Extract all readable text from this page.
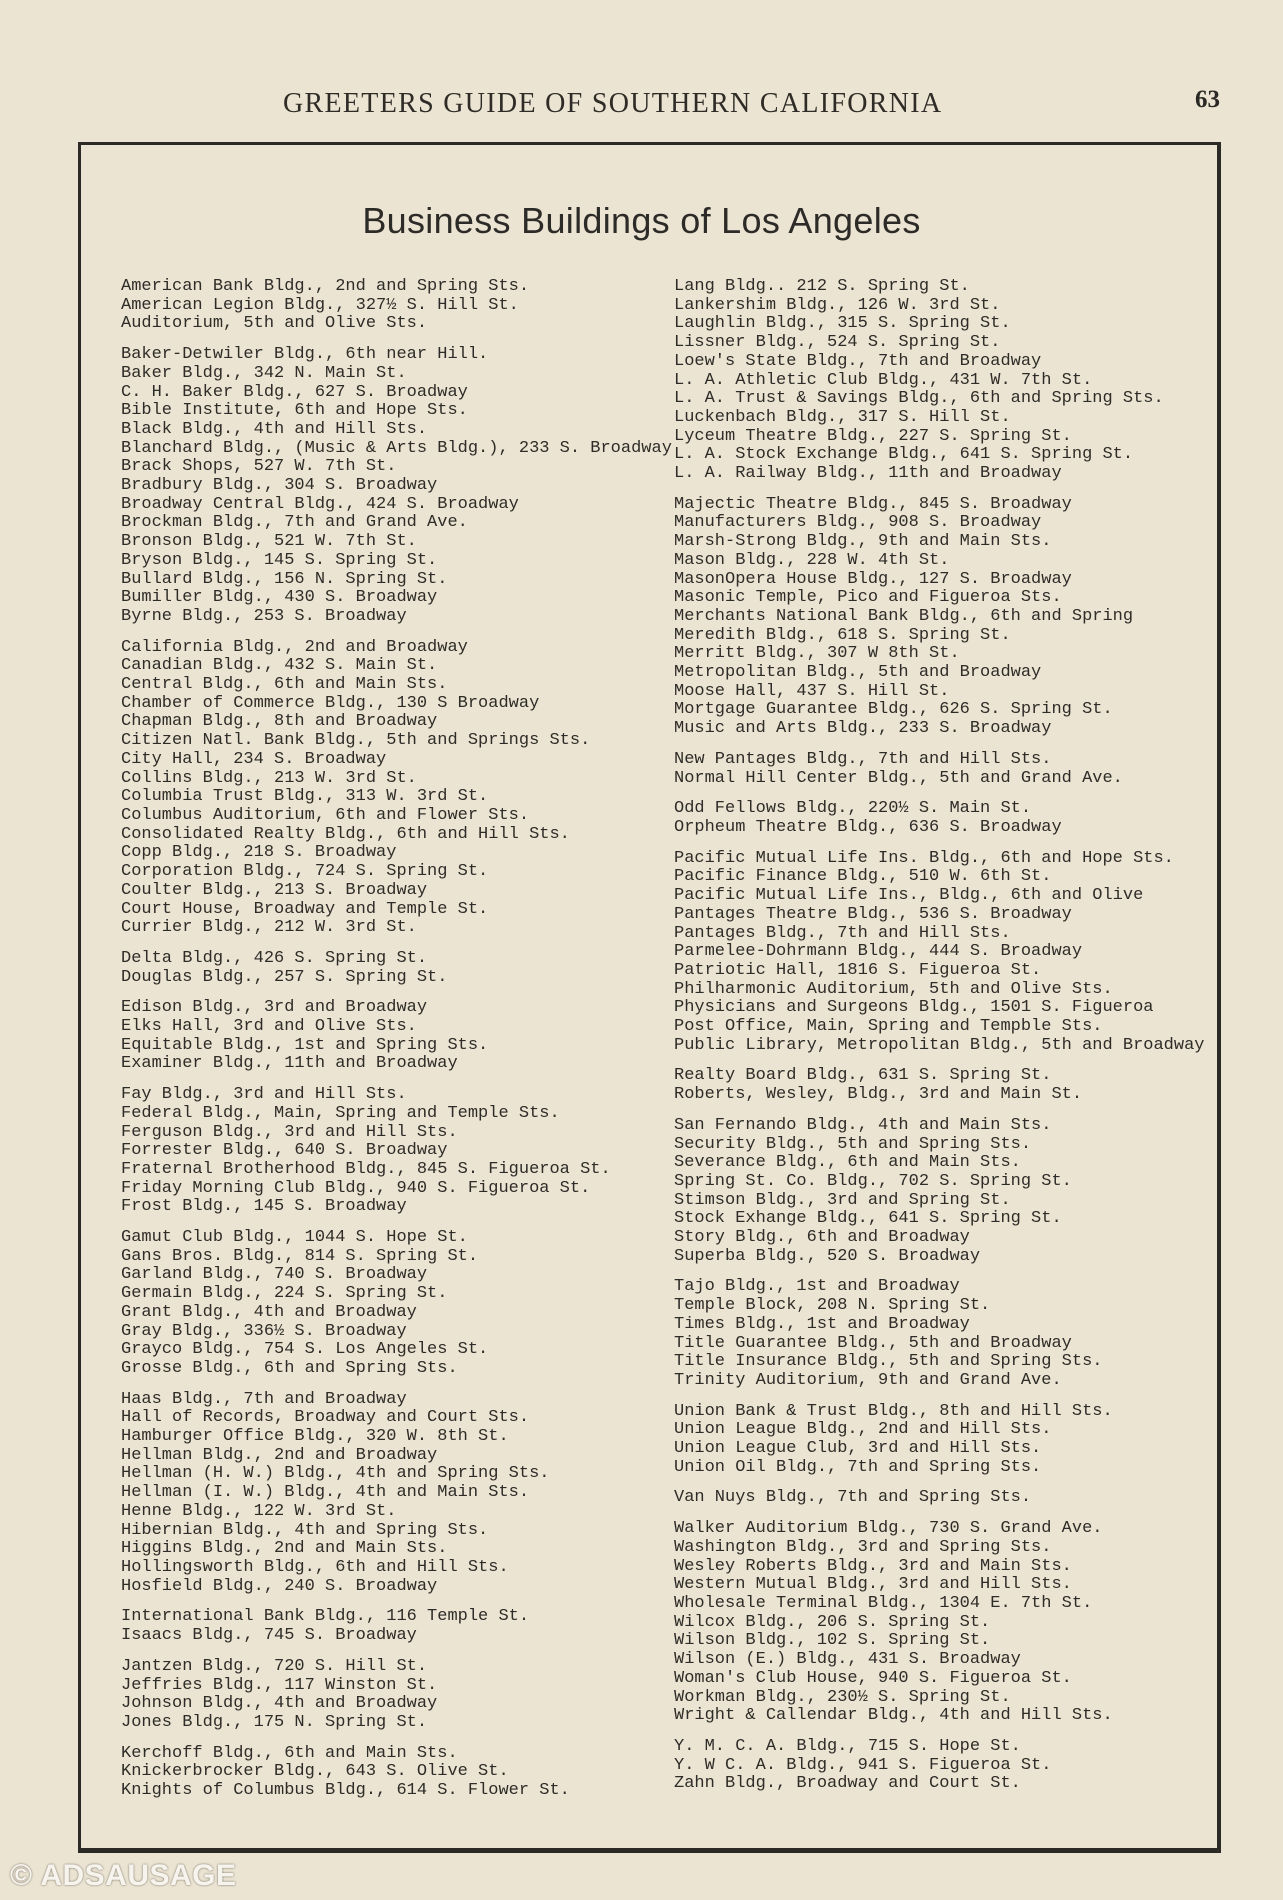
GREETERS GUIDE OF SOUTHERN CALIFORNIA	63
Business Buildings of Los Angeles
American Bank Bldg., 2nd and Spring Sts.
American Legion Bldg., 327½ S. Hill St.
Auditorium, 5th and Olive Sts.
Baker-Detwiler Bldg., 6th near Hill.
Baker Bldg., 342 N. Main St.
C. H. Baker Bldg., 627 S. Broadway
Bible Institute, 6th and Hope Sts.
Black Bldg., 4th and Hill Sts.
Blanchard Bldg., (Music & Arts Bldg.), 233 S. Broadway
Brack Shops, 527 W. 7th St.
Bradbury Bldg., 304 S. Broadway
Broadway Central Bldg., 424 S. Broadway
Brockman Bldg., 7th and Grand Ave.
Bronson Bldg., 521 W. 7th St.
Bryson Bldg., 145 S. Spring St.
Bullard Bldg., 156 N. Spring St.
Bumiller Bldg., 430 S. Broadway
Byrne Bldg., 253 S. Broadway
California Bldg., 2nd and Broadway
Canadian Bldg., 432 S. Main St.
Central Bldg., 6th and Main Sts.
Chamber of Commerce Bldg., 130 S Broadway
Chapman Bldg., 8th and Broadway
Citizen Natl. Bank Bldg., 5th and Springs Sts.
City Hall, 234 S. Broadway
Collins Bldg., 213 W. 3rd St.
Columbia Trust Bldg., 313 W. 3rd St.
Columbus Auditorium, 6th and Flower Sts.
Consolidated Realty Bldg., 6th and Hill Sts.
Copp Bldg., 218 S. Broadway
Corporation Bldg., 724 S. Spring St.
Coulter Bldg., 213 S. Broadway
Court House, Broadway and Temple St.
Currier Bldg., 212 W. 3rd St.
Delta Bldg., 426 S. Spring St.
Douglas Bldg., 257 S. Spring St.
Edison Bldg., 3rd and Broadway
Elks Hall, 3rd and Olive Sts.
Equitable Bldg., 1st and Spring Sts.
Examiner Bldg., 11th and Broadway
Fay Bldg., 3rd and Hill Sts.
Federal Bldg., Main, Spring and Temple Sts.
Ferguson Bldg., 3rd and Hill Sts.
Forrester Bldg., 640 S. Broadway
Fraternal Brotherhood Bldg., 845 S. Figueroa St.
Friday Morning Club Bldg., 940 S. Figueroa St.
Frost Bldg., 145 S. Broadway
Gamut Club Bldg., 1044 S. Hope St.
Gans Bros. Bldg., 814 S. Spring St.
Garland Bldg., 740 S. Broadway
Germain Bldg., 224 S. Spring St.
Grant Bldg., 4th and Broadway
Gray Bldg., 336½ S. Broadway
Grayco Bldg., 754 S. Los Angeles St.
Grosse Bldg., 6th and Spring Sts.
Haas Bldg., 7th and Broadway
Hall of Records, Broadway and Court Sts.
Hamburger Office Bldg., 320 W. 8th St.
Hellman Bldg., 2nd and Broadway
Hellman (H. W.) Bldg., 4th and Spring Sts.
Hellman (I. W.) Bldg., 4th and Main Sts.
Henne Bldg., 122 W. 3rd St.
Hibernian Bldg., 4th and Spring Sts.
Higgins Bldg., 2nd and Main Sts.
Hollingsworth Bldg., 6th and Hill Sts.
Hosfield Bldg., 240 S. Broadway
International Bank Bldg., 116 Temple St.
Isaacs Bldg., 745 S. Broadway
Jantzen Bldg., 720 S. Hill St.
Jeffries Bldg., 117 Winston St.
Johnson Bldg., 4th and Broadway
Jones Bldg., 175 N. Spring St.
Kerchoff Bldg., 6th and Main Sts.
Knickerbrocker Bldg., 643 S. Olive St.
Knights of Columbus Bldg., 614 S. Flower St.
Lang Bldg.. 212 S. Spring St.
Lankershim Bldg., 126 W. 3rd St.
Laughlin Bldg., 315 S. Spring St.
Lissner Bldg., 524 S. Spring St.
Loew's State Bldg., 7th and Broadway
L. A. Athletic Club Bldg., 431 W. 7th St.
L. A. Trust & Savings Bldg., 6th and Spring Sts.
Luckenbach Bldg., 317 S. Hill St.
Lyceum Theatre Bldg., 227 S. Spring St.
L. A. Stock Exchange Bldg., 641 S. Spring St.
L. A. Railway Bldg., 11th and Broadway
Majectic Theatre Bldg., 845 S. Broadway
Manufacturers Bldg., 908 S. Broadway
Marsh-Strong Bldg., 9th and Main Sts.
Mason Bldg., 228 W. 4th St.
MasonOpera House Bldg., 127 S. Broadway
Masonic Temple, Pico and Figueroa Sts.
Merchants National Bank Bldg., 6th and Spring
Meredith Bldg., 618 S. Spring St.
Merritt Bldg., 307 W 8th St.
Metropolitan Bldg., 5th and Broadway
Moose Hall, 437 S. Hill St.
Mortgage Guarantee Bldg., 626 S. Spring St.
Music and Arts Bldg., 233 S. Broadway
New Pantages Bldg., 7th and Hill Sts.
Normal Hill Center Bldg., 5th and Grand Ave.
Odd Fellows Bldg., 220½ S. Main St.
Orpheum Theatre Bldg., 636 S. Broadway
Pacific Mutual Life Ins. Bldg., 6th and Hope Sts.
Pacific Finance Bldg., 510 W. 6th St.
Pacific Mutual Life Ins., Bldg., 6th and Olive
Pantages Theatre Bldg., 536 S. Broadway
Pantages Bldg., 7th and Hill Sts.
Parmelee-Dohrmann Bldg., 444 S. Broadway
Patriotic Hall, 1816 S. Figueroa St.
Philharmonic Auditorium, 5th and Olive Sts.
Physicians and Surgeons Bldg., 1501 S. Figueroa
Post Office, Main, Spring and Tempble Sts.
Public Library, Metropolitan Bldg., 5th and Broadway
Realty Board Bldg., 631 S. Spring St.
Roberts, Wesley, Bldg., 3rd and Main St.
San Fernando Bldg., 4th and Main Sts.
Security Bldg., 5th and Spring Sts.
Severance Bldg., 6th and Main Sts.
Spring St. Co. Bldg., 702 S. Spring St.
Stimson Bldg., 3rd and Spring St.
Stock Exhange Bldg., 641 S. Spring St.
Story Bldg., 6th and Broadway
Superba Bldg., 520 S. Broadway
Tajo Bldg., 1st and Broadway
Temple Block, 208 N. Spring St.
Times Bldg., 1st and Broadway
Title Guarantee Bldg., 5th and Broadway
Title Insurance Bldg., 5th and Spring Sts.
Trinity Auditorium, 9th and Grand Ave.
Union Bank & Trust Bldg., 8th and Hill Sts.
Union League Bldg., 2nd and Hill Sts.
Union League Club, 3rd and Hill Sts.
Union Oil Bldg., 7th and Spring Sts.
Van Nuys Bldg., 7th and Spring Sts.
Walker Auditorium Bldg., 730 S. Grand Ave.
Washington Bldg., 3rd and Spring Sts.
Wesley Roberts Bldg., 3rd and Main Sts.
Western Mutual Bldg., 3rd and Hill Sts.
Wholesale Terminal Bldg., 1304 E. 7th St.
Wilcox Bldg., 206 S. Spring St.
Wilson Bldg., 102 S. Spring St.
Wilson (E.) Bldg., 431 S. Broadway
Woman's Club House, 940 S. Figueroa St.
Workman Bldg., 230½ S. Spring St.
Wright & Callendar Bldg., 4th and Hill Sts.
Y. M. C. A. Bldg., 715 S. Hope St.
Y. W C. A. Bldg., 941 S. Figueroa St.
Zahn Bldg., Broadway and Court St.
© ADSAUSAGE
